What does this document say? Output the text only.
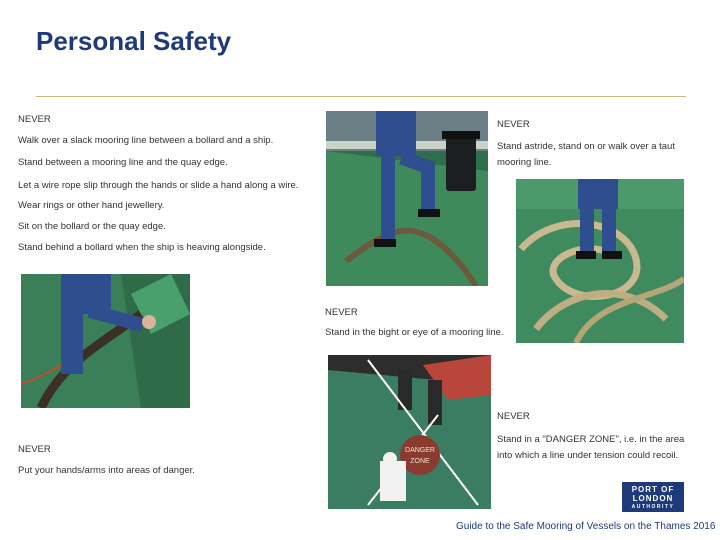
Personal Safety
NEVER
Walk over a slack mooring line between a bollard and a ship.
Stand between a mooring line and the quay edge.
Let a wire rope slip through the hands or slide a hand along a wire.
Wear rings or other hand jewellery.
Sit on the bollard or the quay edge.
Stand behind a bollard when the ship is heaving alongside.
NEVER
Stand astride, stand on or walk over a taut
mooring line.
NEVER
Stand in the bight or eye of a mooring line.
DANGER
ZONE
NEVER
Stand in a "DANGER ZONE", i.e. in the area
into which a line under tension could recoil.
NEVER
Put your hands/arms into areas of danger.
PORT OF
LONDON
AUTHORITY
Guide to the Safe Mooring of Vessels on the Thames 2016
